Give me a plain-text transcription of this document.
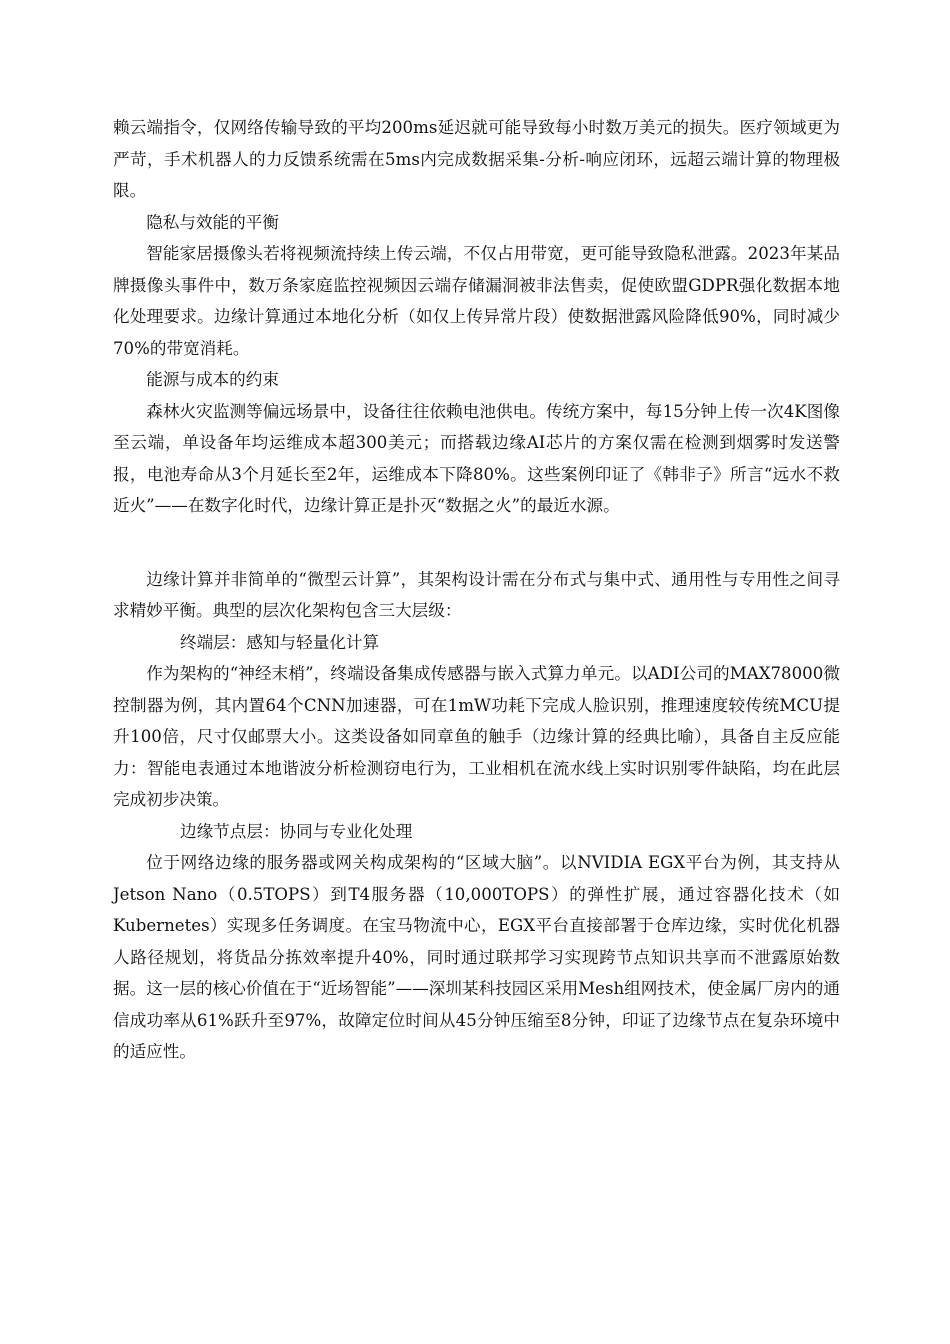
赖云端指令，仅网络传输导致的平均200ms延迟就可能导致每小时数万美元的损失。医疗领域更为严苛，手术机器人的力反馈系统需在5ms内完成数据采集-分析-响应闭环，远超云端计算的物理极限。

隐私与效能的平衡

智能家居摄像头若将视频流持续上传云端，不仅占用带宽，更可能导致隐私泄露。2023年某品牌摄像头事件中，数万条家庭监控视频因云端存储漏洞被非法售卖，促使欧盟GDPR强化数据本地化处理要求。边缘计算通过本地化分析（如仅上传异常片段）使数据泄露风险降低90%，同时减少70%的带宽消耗。

能源与成本的约束

森林火灾监测等偏远场景中，设备往往依赖电池供电。传统方案中，每15分钟上传一次4K图像至云端，单设备年均运维成本超300美元；而搭载边缘AI芯片的方案仅需在检测到烟雾时发送警报，电池寿命从3个月延长至2年，运维成本下降80%。这些案例印证了《韩非子》所言“远水不救近火”——在数字化时代，边缘计算正是扑灭“数据之火”的最近水源。

边缘计算并非简单的“微型云计算”，其架构设计需在分布式与集中式、通用性与专用性之间寻求精妙平衡。典型的层次化架构包含三大层级：

终端层：感知与轻量化计算

作为架构的“神经末梢”，终端设备集成传感器与嵌入式算力单元。以ADI公司的MAX78000微控制器为例，其内置64个CNN加速器，可在1mW功耗下完成人脸识别，推理速度较传统MCU提升100倍，尺寸仅邮票大小。这类设备如同章鱼的触手（边缘计算的经典比喻），具备自主反应能力：智能电表通过本地谐波分析检测窃电行为，工业相机在流水线上实时识别零件缺陷，均在此层完成初步决策。

边缘节点层：协同与专业化处理

位于网络边缘的服务器或网关构成架构的“区域大脑”。以NVIDIA EGX平台为例，其支持从Jetson Nano（0.5TOPS）到T4服务器（10,000TOPS）的弹性扩展，通过容器化技术（如Kubernetes）实现多任务调度。在宝马物流中心，EGX平台直接部署于仓库边缘，实时优化机器人路径规划，将货品分拣效率提升40%，同时通过联邦学习实现跨节点知识共享而不泄露原始数据。这一层的核心价值在于“近场智能”——深圳某科技园区采用Mesh组网技术，使金属厂房内的通信成功率从61%跃升至97%，故障定位时间从45分钟压缩至8分钟，印证了边缘节点在复杂环境中的适应性。
